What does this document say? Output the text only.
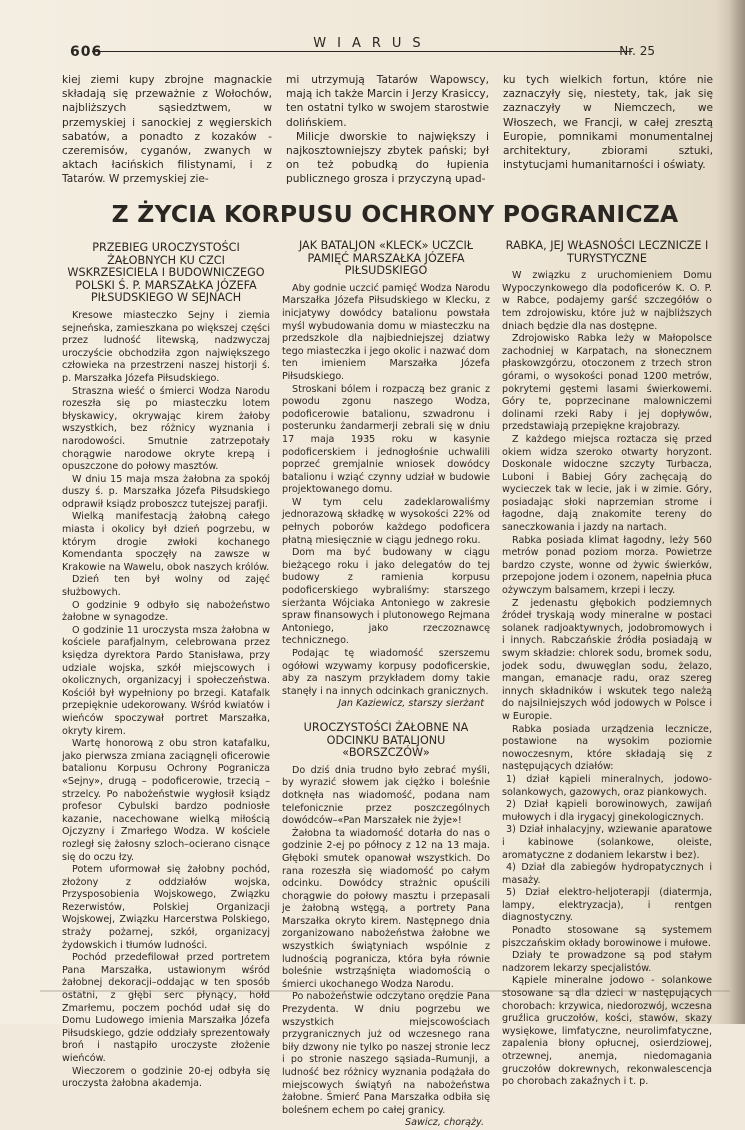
606
WIARUS	Nr. 25

kiej ziemi kupy zbrojne magnackie składają się przeważnie z Wołochów, najbliższych sąsiedztwem, w przemyskiej i sanockiej z węgierskich sabatów, a ponadto z kozaków - czeremisów, cyganów, zwanych w aktach łacińskich filistynami, i z Tatarów. W przemyskiej zie-

mi utrzymują Tatarów Wapowscy, mają ich także Marcin i Jerzy Krasiccy, ten ostatni tylko w swojem starostwie dolińskiem.

Milicje dworskie to największy i najkosztowniejszy zbytek pański; był on też pobudką do łupienia publicznego grosza i przyczyną upad-

ku tych wielkich fortun, które nie zaznaczyły się, niestety, tak, jak się zaznaczyły w Niemczech, we Włoszech, we Francji, w całej zresztą Europie, pomnikami monumentalnej architektury, zbiorami sztuki, instytucjami humanitarności i oświaty.

Z ŻYCIA KORPUSU OCHRONY POGRANICZA
PRZEBIEG UROCZYSTOŚCI ŻAŁOBNYCH KU CZCI WSKRZESICIELA I BUDOWNICZEGO POLSKI Ś. P. MARSZAŁKA JÓZEFA PIŁSUDSKIEGO W SEJNACH

Kresowe miasteczko Sejny i ziemia sejneńska, zamieszkana po większej części przez ludność litewską, nadzwyczaj uroczyście obchodziła zgon największego człowieka na przestrzeni naszej historji ś. p. Marszałka Józefa Piłsudskiego.

Straszna wieść o śmierci Wodza Narodu rozeszła się po miasteczku lotem błyskawicy, okrywając kirem żałoby wszystkich, bez różnicy wyznania i narodowości. Smutnie zatrzepotały chorągwie narodowe okryte krepą i opuszczone do połowy masztów.

W dniu 15 maja msza żałobna za spokój duszy ś. p. Marszałka Józefa Piłsudskiego odprawił ksiądz proboszcz tutejszej parafji.

Wielką manifestacją żałobną całego miasta i okolicy był dzień pogrzebu, w którym drogie zwłoki kochanego Komendanta spoczęły na zawsze w Krakowie na Wawelu, obok naszych królów.

Dzień ten był wolny od zajęć służbowych.

O godzinie 9 odbyło się nabożeństwo żałobne w synagodze.

O godzinie 11 uroczysta msza żałobna w kościele parafjalnym, celebrowana przez księdza dyrektora Pardo Stanisława, przy udziale wojska, szkół miejscowych i okolicznych, organizacyj i społeczeństwa. Kościół był wypełniony po brzegi. Katafalk przepięknie udekorowany. Wśród kwiatów i wieńców spoczywał portret Marszałka, okryty kirem.

Wartę honorową z obu stron katafalku, jako pierwsza zmiana zaciągnęli oficerowie batalionu Korpusu Ochrony Pogranicza «Sejny», drugą – podoficerowie, trzecią – strzelcy. Po nabożeństwie wygłosił ksiądz profesor Cybulski bardzo podniosłe kazanie, nacechowane wielką miłością Ojczyzny i Zmarłego Wodza. W kościele rozległ się żałosny szloch–ocierano cisnące się do oczu łzy.

Potem uformował się żałobny pochód, złożony z oddziałów wojska, Przysposobienia Wojskowego, Związku Rezerwistów, Polskiej Organizacji Wojskowej, Związku Harcerstwa Polskiego, straży pożarnej, szkół, organizacyj żydowskich i tłumów ludności.

Pochód przedefilował przed portretem Pana Marszałka, ustawionym wśród żałobnej dekoracji–oddając w ten sposób ostatni, z głębi serc płynący, hołd Zmarłemu, poczem pochód udał się do Domu Ludowego imienia Marszałka Józefa Piłsudskiego, gdzie oddziały sprezentowały broń i nastąpiło uroczyste złożenie wieńców.

Wieczorem o godzinie 20-ej odbyła się uroczysta żałobna akademja.

JAK BATALJON «KLECK» UCZCIŁ PAMIĘĆ MARSZAŁKA JÓZEFA PIŁSUDSKIEGO

Aby godnie uczcić pamięć Wodza Narodu Marszałka Józefa Piłsudskiego w Klecku, z inicjatywy dowódcy batalionu powstała myśl wybudowania domu w miasteczku na przedszkole dla najbiedniejszej dziatwy tego miasteczka i jego okolic i nazwać dom ten imieniem Marszałka Józefa Piłsudskiego.

Stroskani bólem i rozpaczą bez granic z powodu zgonu naszego Wodza, podoficerowie batalionu, szwadronu i posterunku żandarmerji zebrali się w dniu 17 maja 1935 roku w kasynie podoficerskiem i jednogłośnie uchwalili poprzeć gremjalnie wniosek dowódcy batalionu i wziąć czynny udział w budowie projektowanego domu.

W tym celu zadeklarowaliśmy jednorazową składkę w wysokości 22% od pełnych poborów każdego podoficera płatną miesięcznie w ciągu jednego roku.

Dom ma być budowany w ciągu bieżącego roku i jako delegatów do tej budowy z ramienia korpusu podoficerskiego wybraliśmy: starszego sierżanta Wójciaka Antoniego w zakresie spraw finansowych i plutonowego Rejmana Antoniego, jako rzeczoznawcę technicznego.

Podając tę wiadomość szerszemu ogółowi wzywamy korpusy podoficerskie, aby za naszym przykładem domy takie stanęły i na innych odcinkach granicznych.

Jan Kaziewicz, starszy sierżant

UROCZYSTOŚCI ŻAŁOBNE NA ODCINKU BATALJONU «BORSZCZÓW»

Do dziś dnia trudno było zebrać myśli, by wyrazić słowem jak ciężko i boleśnie dotknęła nas wiadomość, podana nam telefonicznie przez poszczególnych dowódców–«Pan Marszałek nie żyje»!

Żałobna ta wiadomość dotarła do nas o godzinie 2-ej po północy z 12 na 13 maja. Głęboki smutek opanował wszystkich. Do rana rozeszła się wiadomość po całym odcinku. Dowódcy strażnic opuścili chorągwie do połowy masztu i przepasali je żałobną wstęgą, a portrety Pana Marszałka okryto kirem. Następnego dnia zorganizowano nabożeństwa żałobne we wszystkich świątyniach wspólnie z ludnością pogranicza, która była równie boleśnie wstrząśnięta wiadomością o śmierci ukochanego Wodza Narodu.

Po nabożeństwie odczytano orędzie Pana Prezydenta. W dniu pogrzebu we wszystkich miejscowościach przygranicznych już od wczesnego rana biły dzwony nie tylko po naszej stronie lecz i po stronie naszego sąsiada–Rumunji, a ludność bez różnicy wyznania podążała do miejscowych świątyń na nabożeństwa żałobne. Śmierć Pana Marszałka odbiła się boleśnem echem po całej granicy.

Sawicz, chorąży.

RABKA, JEJ WŁASNOŚCI LECZNICZE I TURYSTYCZNE

W związku z uruchomieniem Domu Wypoczynkowego dla podoficerów K. O. P. w Rabce, podajemy garść szczegółów o tem zdrojowisku, które już w najbliższych dniach będzie dla nas dostępne.

Zdrojowisko Rabka leży w Małopolsce zachodniej w Karpatach, na słonecznem płaskowzgórzu, otoczonem z trzech stron górami, o wysokości ponad 1200 metrów, pokrytemi gęstemi lasami świerkowemi. Góry te, poprzecinane malowniczemi dolinami rzeki Raby i jej dopływów, przedstawiają przepiękne krajobrazy.

Z każdego miejsca roztacza się przed okiem widza szeroko otwarty horyzont. Doskonale widoczne szczyty Turbacza, Luboni i Babiej Góry zachęcają do wycieczek tak w lecie, jak i w zimie. Góry, posiadając słoki naprzemian strome i łagodne, dają znakomite tereny do saneczkowania i jazdy na nartach.

Rabka posiada klimat łagodny, leży 560 metrów ponad poziom morza. Powietrze bardzo czyste, wonne od żywic świerków, przepojone jodem i ozonem, napełnia płuca ożywczym balsamem, krzepi i leczy.

Z jedenastu głębokich podziemnych źródeł tryskają wody mineralne w postaci solanek radjoaktywnych, jodobromowych i i innych. Rabczańskie źródła posiadają w swym składzie: chlorek sodu, bromek sodu, jodek sodu, dwuwęglan sodu, żelazo, mangan, emanacje radu, oraz szereg innych składników i wskutek tego należą do najsilniejszych wód jodowych w Polsce i w Europie.

Rabka posiada urządzenia lecznicze, postawione na wysokim poziomie nowoczesnym, które składają się z następujących działów:

1) dział kąpieli mineralnych, jodowo-solankowych, gazowych, oraz piankowych.

2) Dział kąpieli borowinowych, zawijań mułowych i dla irygacyj ginekologicznych.

3) Dział inhalacyjny, wziewanie aparatowe i kabinowe (solankowe, oleiste, aromatyczne z dodaniem lekarstw i bez).

4) Dział dla zabiegów hydropatycznych i masaży.

5) Dział elektro-heljoterapji (diatermja, lampy, elektryzacja), i rentgen diagnostyczny.

Ponadto stosowane są systemem piszczańskim okłady borowinowe i mułowe.

Działy te prowadzone są pod stałym nadzorem lekarzy specjalistów.

Kąpiele mineralne jodowo - solankowe stosowane są dla dzieci w następujących chorobach: krzywica, niedorozwój, wczesna gruźlica gruczołów, kości, stawów, skazy wysiękowe, limfatyczne, neurolimfatyczne, zapalenia błony opłucnej, osierdziowej, otrzewnej, anemja, niedomagania gruczołów dokrewnych, rekonwalescencja po chorobach zakaźnych i t. p.
